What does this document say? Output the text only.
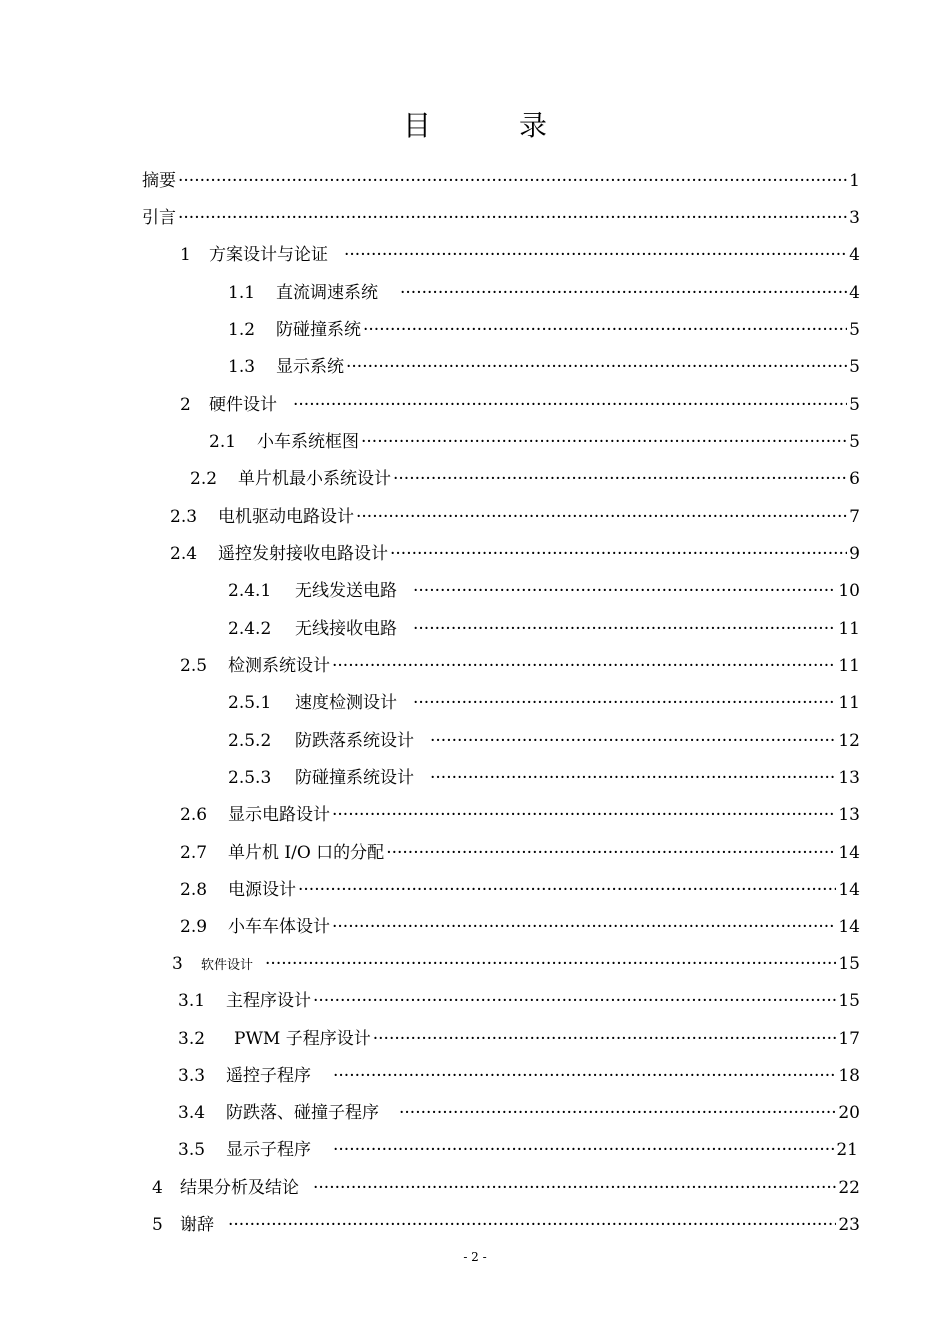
目	录
摘要 ·····	1
引言 ·····	3
1	方案设计与论证 ·····	4
1.1	直流调速系统 ·····	4
1.2	防碰撞系统 ·····	5
1.3	显示系统 ·····	5
2	硬件设计 ·····	5
2.1	小车系统框图 ·····	5
2.2	单片机最小系统设计 ·····	6
2.3	电机驱动电路设计 ·····	7
2.4	遥控发射接收电路设计 ·····	9
2.4.1	无线发送电路 ·····	10
2.4.2	无线接收电路 ·····	11
2.5	检测系统设计 ·····	11
2.5.1	速度检测设计 ·····	11
2.5.2	防跌落系统设计 ·····	12
2.5.3	防碰撞系统设计 ·····	13
2.6	显示电路设计 ·····	13
2.7	单片机 I/O 口的分配 ·····	14
2.8	电源设计 ·····	14
2.9	小车车体设计 ·····	14
3	软件设计 ·····	15
3.1	主程序设计 ·····	15
3.2	PWM 子程序设计 ·····	17
3.3	遥控子程序 ·····	18
3.4	防跌落、碰撞子程序 ·····	20
3.5	显示子程序 ·····	21
4	结果分析及结论 ·····	22
5	谢辞 ·····	23
- 2 -
